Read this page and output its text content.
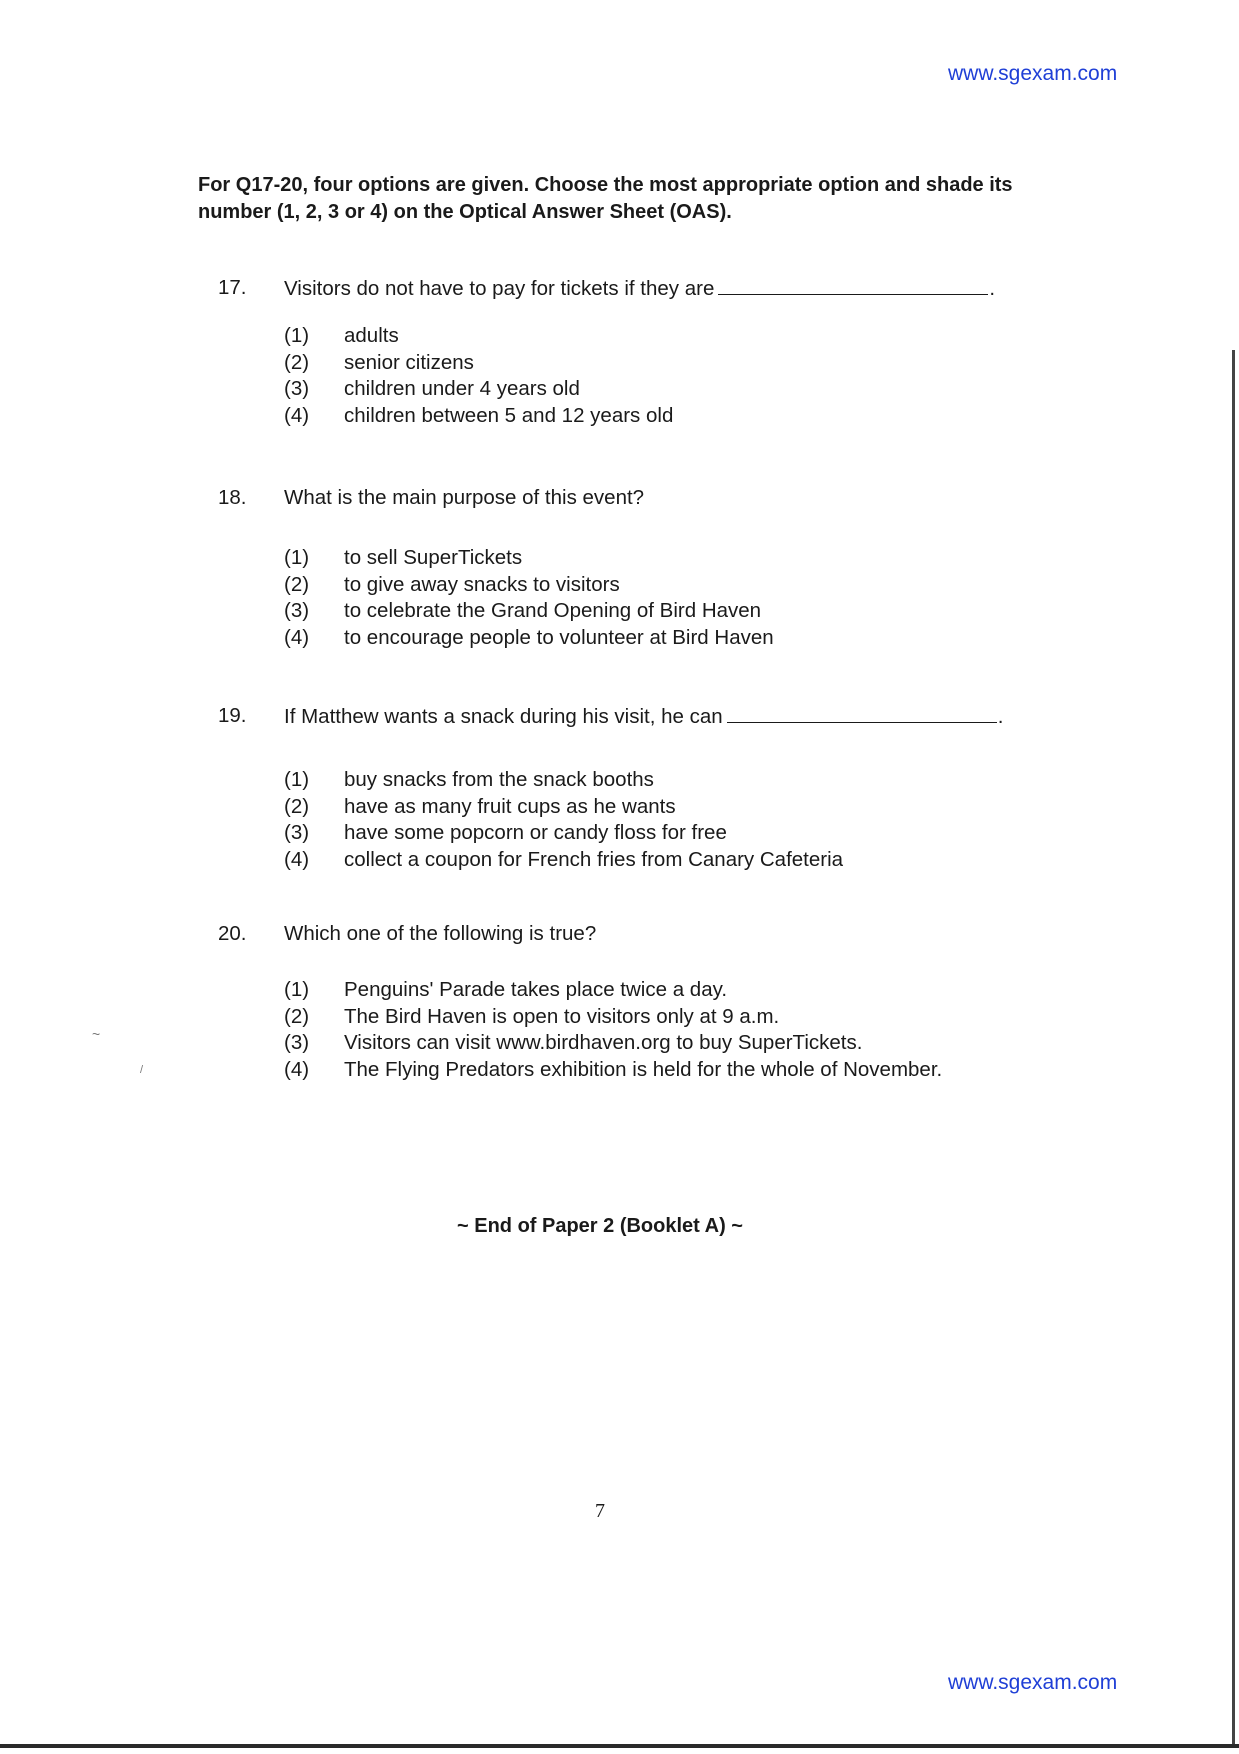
www.sgexam.com
For Q17-20, four options are given. Choose the most appropriate option and shade its number (1, 2, 3 or 4) on the Optical Answer Sheet (OAS).
17. Visitors do not have to pay for tickets if they are	.
(1) adults
(2) senior citizens
(3) children under 4 years old
(4) children between 5 and 12 years old
18. What is the main purpose of this event?
(1) to sell SuperTickets
(2) to give away snacks to visitors
(3) to celebrate the Grand Opening of Bird Haven
(4) to encourage people to volunteer at Bird Haven
19. If Matthew wants a snack during his visit, he can	.
(1) buy snacks from the snack booths
(2) have as many fruit cups as he wants
(3) have some popcorn or candy floss for free
(4) collect a coupon for French fries from Canary Cafeteria
20. Which one of the following is true?
(1) Penguins' Parade takes place twice a day.
(2) The Bird Haven is open to visitors only at 9 a.m.
(3) Visitors can visit www.birdhaven.org to buy SuperTickets.
(4) The Flying Predators exhibition is held for the whole of November.
~ End of Paper 2 (Booklet A) ~
7
www.sgexam.com
~
/
